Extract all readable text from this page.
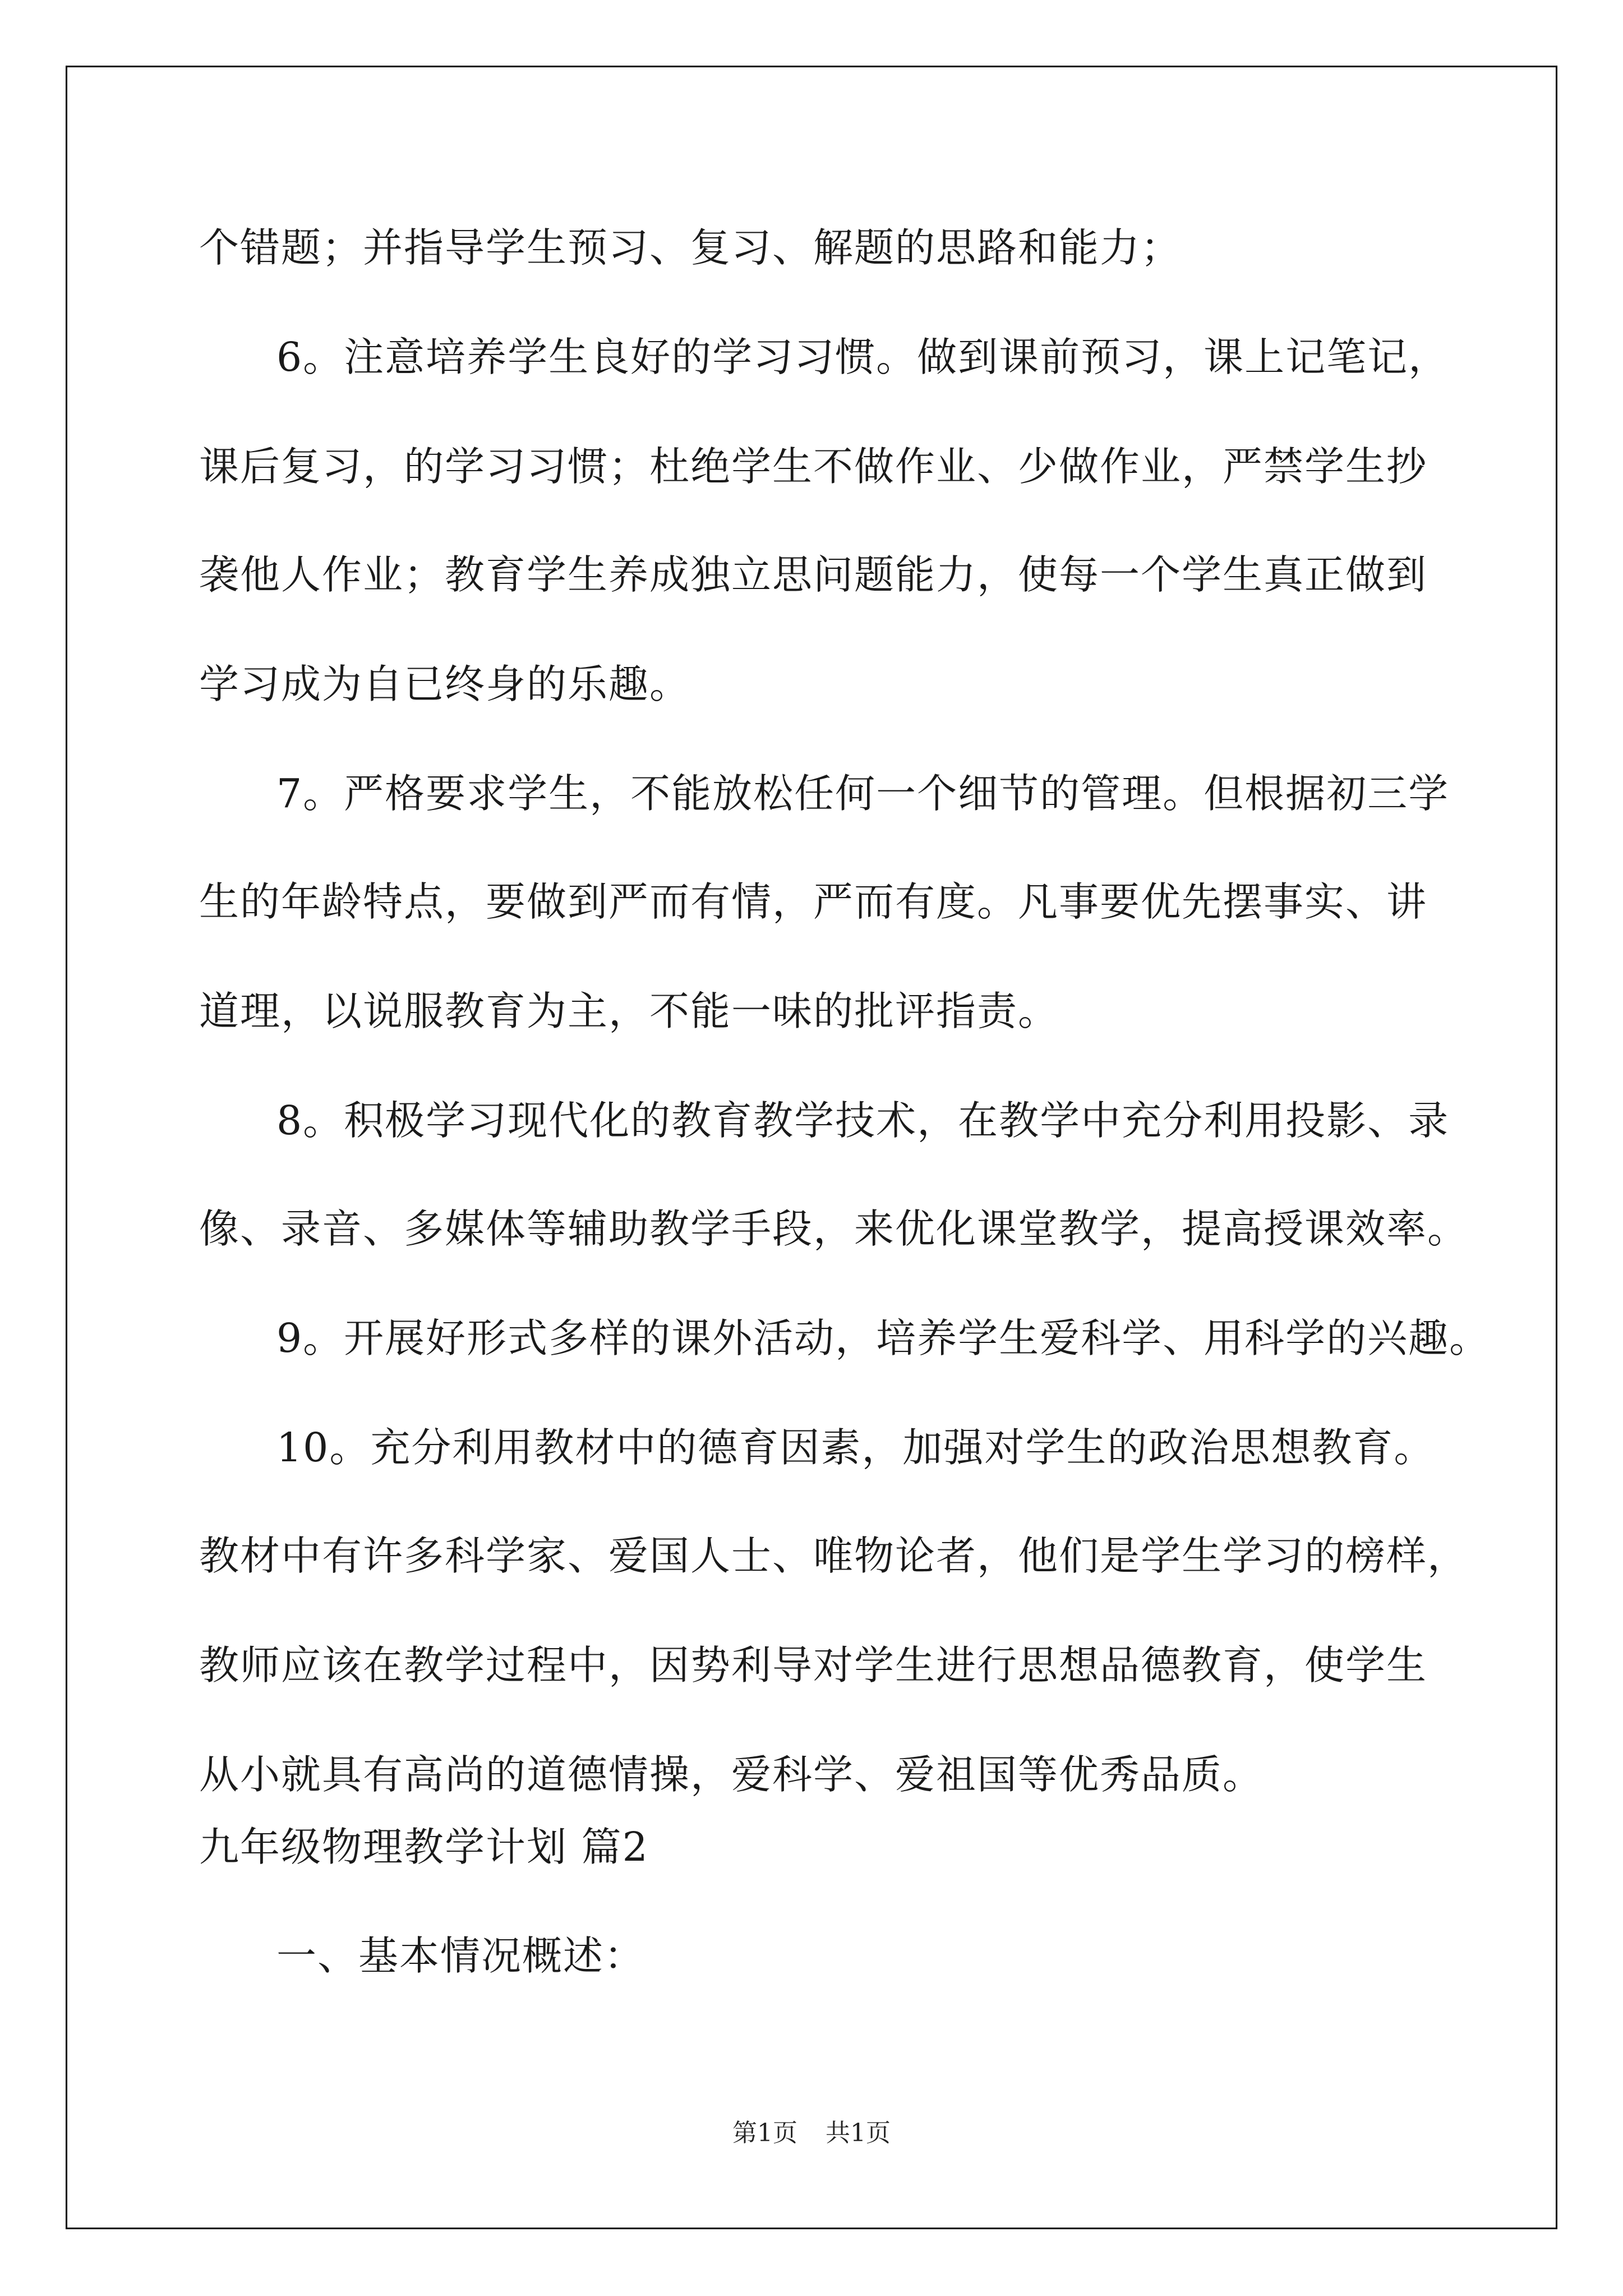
个错题；并指导学生预习、复习、解题的思路和能力；
6。注意培养学生良好的学习习惯。做到课前预习，课上记笔记，
课后复习，的学习习惯；杜绝学生不做作业、少做作业，严禁学生抄
袭他人作业；教育学生养成独立思问题能力，使每一个学生真正做到
学习成为自已终身的乐趣。
7。严格要求学生，不能放松任何一个细节的管理。但根据初三学
生的年龄特点，要做到严而有情，严而有度。凡事要优先摆事实、讲
道理，以说服教育为主，不能一味的批评指责。
8。积极学习现代化的教育教学技术，在教学中充分利用投影、录
像、录音、多媒体等辅助教学手段，来优化课堂教学，提高授课效率。
9。开展好形式多样的课外活动，培养学生爱科学、用科学的兴趣。
10。充分利用教材中的德育因素，加强对学生的政治思想教育。
教材中有许多科学家、爱国人士、唯物论者，他们是学生学习的榜样，
教师应该在教学过程中，因势利导对学生进行思想品德教育，使学生
从小就具有高尚的道德情操，爱科学、爱祖国等优秀品质。
九年级物理教学计划 篇2
一、基本情况概述：
第1页 共1页
